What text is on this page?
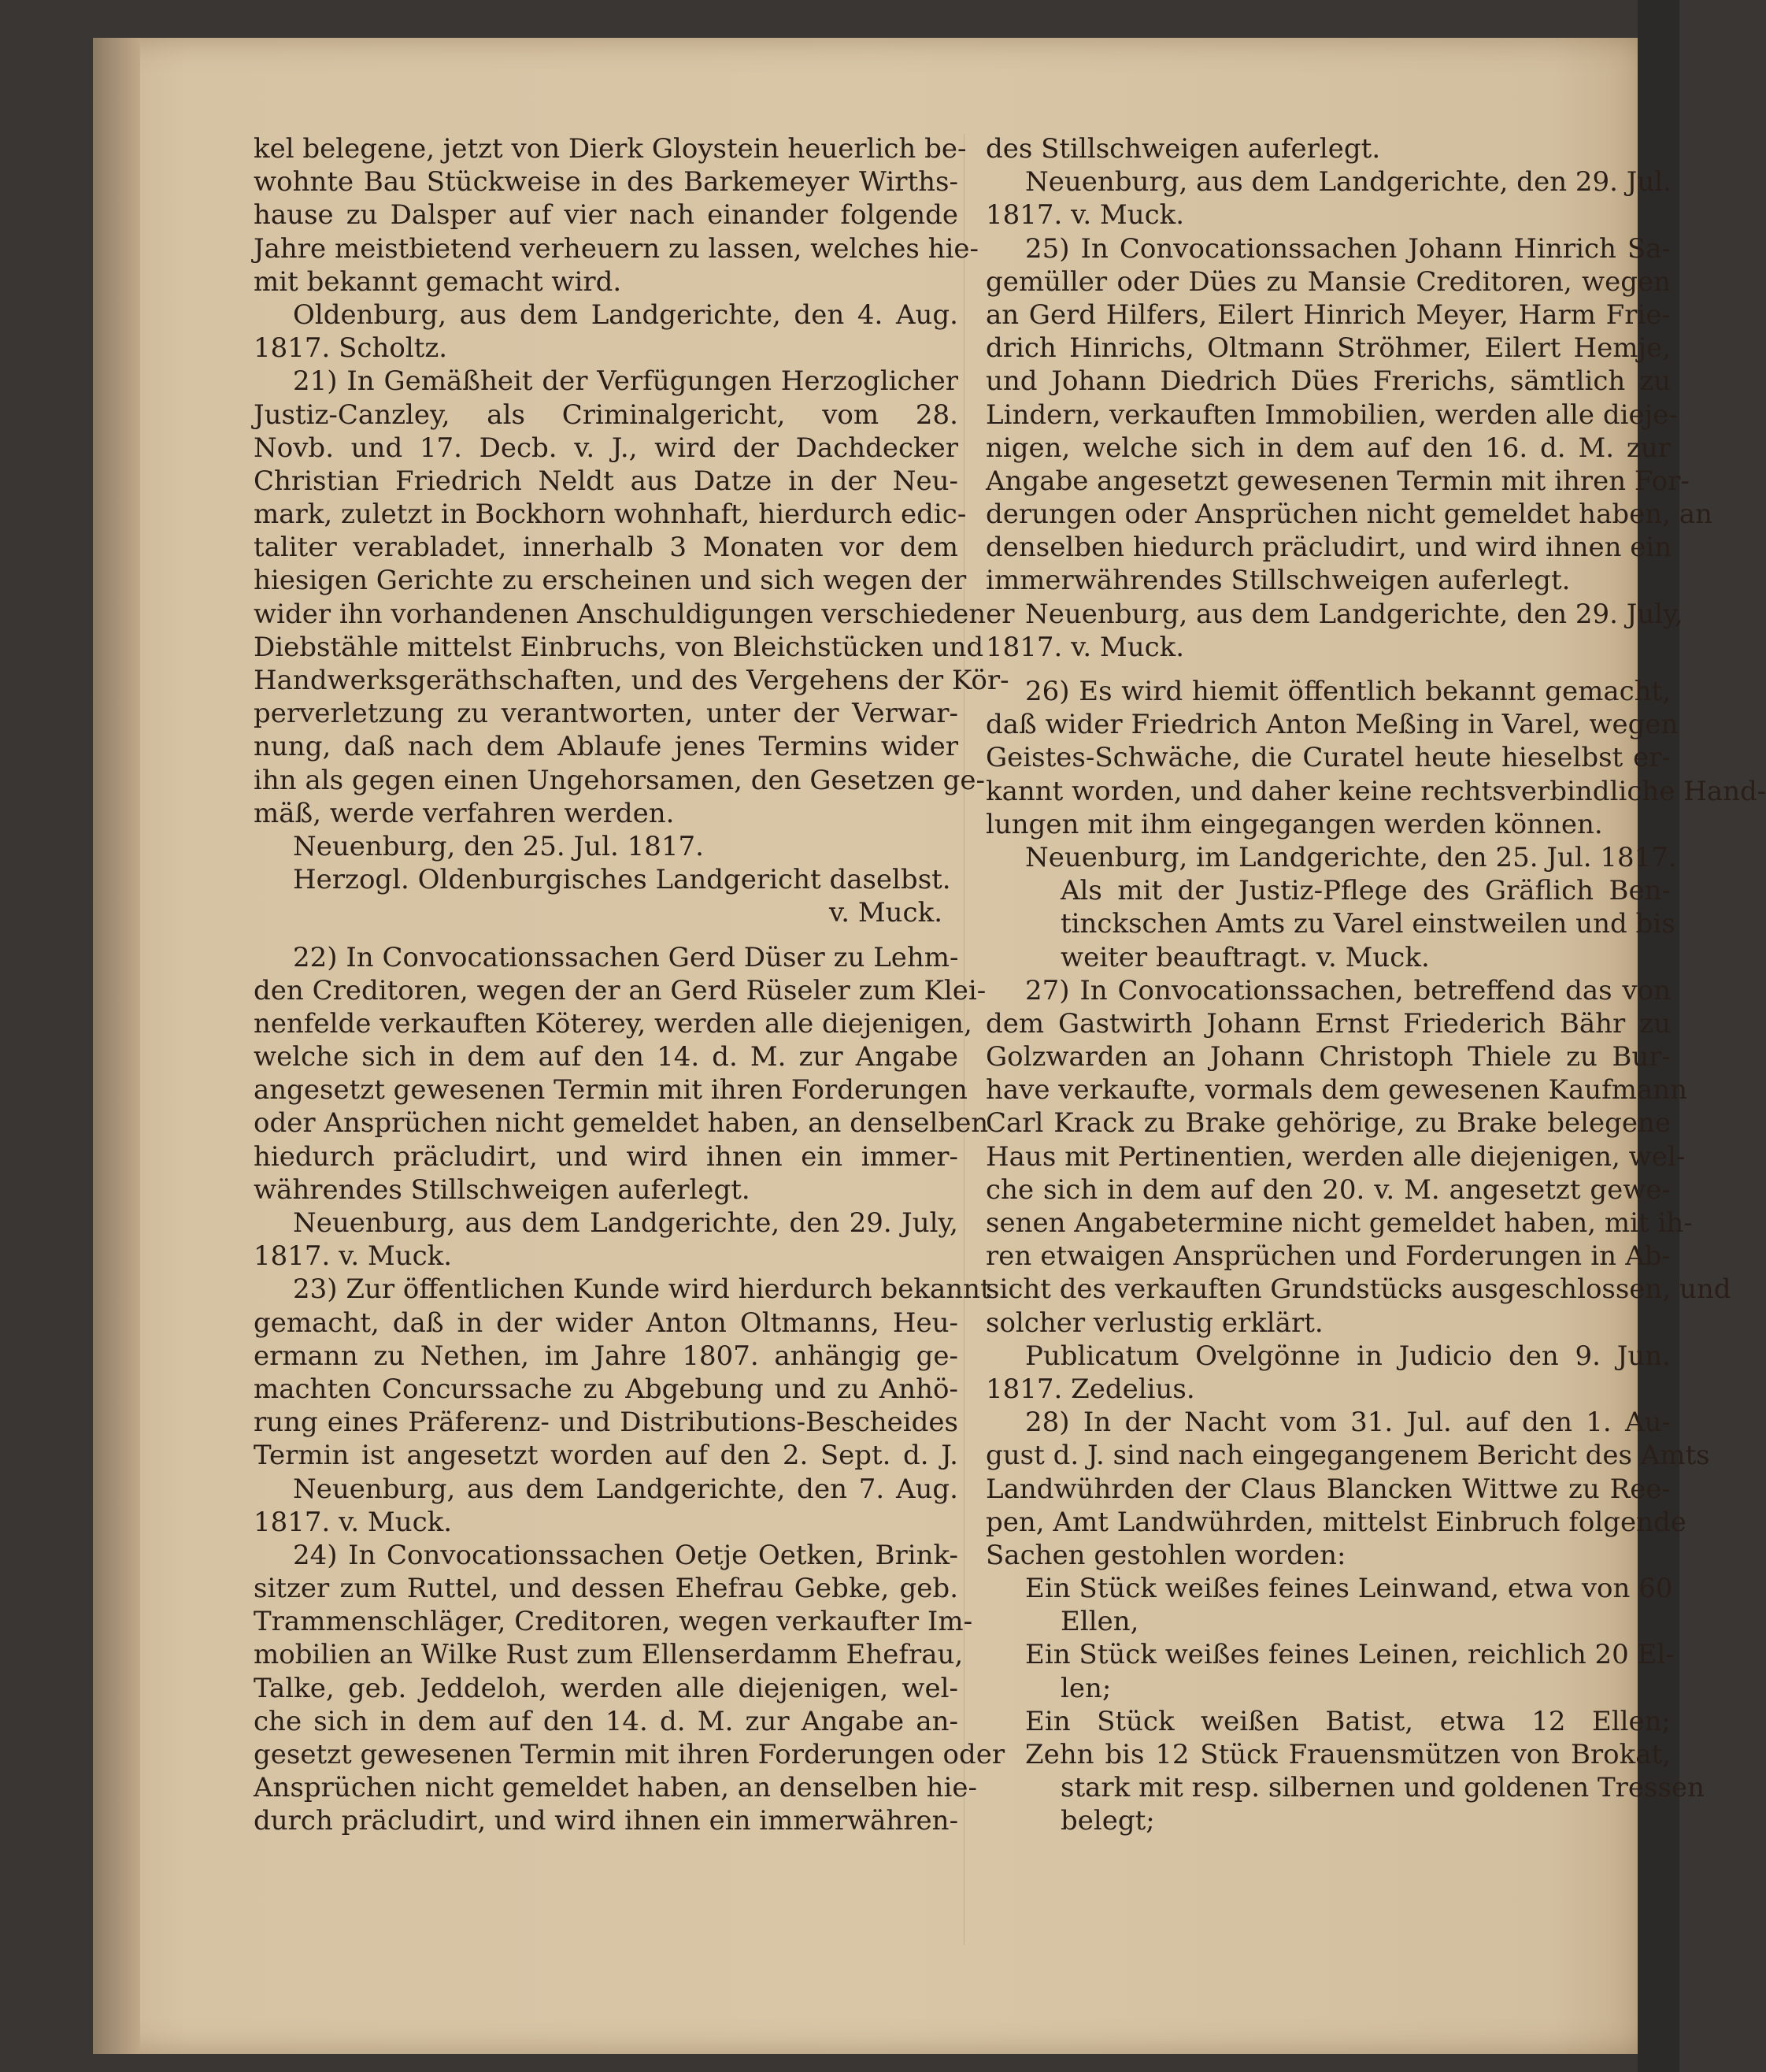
kel belegene, jetzt von Dierk Gloystein heuerlich be-
wohnte Bau Stückweise in des Barkemeyer Wirths-
hause zu Dalsper auf vier nach einander folgende
Jahre meistbietend verheuern zu lassen, welches hie-
mit bekannt gemacht wird.
Oldenburg, aus dem Landgerichte, den 4. Aug.
1817. Scholtz.
21) In Gemäßheit der Verfügungen Herzoglicher
Justiz-Canzley, als Criminalgericht, vom 28.
Novb. und 17. Decb. v. J., wird der Dachdecker
Christian Friedrich Neldt aus Datze in der Neu-
mark, zuletzt in Bockhorn wohnhaft, hierdurch edic-
taliter verabladet, innerhalb 3 Monaten vor dem
hiesigen Gerichte zu erscheinen und sich wegen der
wider ihn vorhandenen Anschuldigungen verschiedener
Diebstähle mittelst Einbruchs, von Bleichstücken und
Handwerksgeräthschaften, und des Vergehens der Kör-
perverletzung zu verantworten, unter der Verwar-
nung, daß nach dem Ablaufe jenes Termins wider
ihn als gegen einen Ungehorsamen, den Gesetzen ge-
mäß, werde verfahren werden.
Neuenburg, den 25. Jul. 1817.
Herzogl. Oldenburgisches Landgericht daselbst.
v. Muck.
22) In Convocationssachen Gerd Düser zu Lehm-
den Creditoren, wegen der an Gerd Rüseler zum Klei-
nenfelde verkauften Köterey, werden alle diejenigen,
welche sich in dem auf den 14. d. M. zur Angabe
angesetzt gewesenen Termin mit ihren Forderungen
oder Ansprüchen nicht gemeldet haben, an denselben
hiedurch präcludirt, und wird ihnen ein immer-
währendes Stillschweigen auferlegt.
Neuenburg, aus dem Landgerichte, den 29. July,
1817. v. Muck.
23) Zur öffentlichen Kunde wird hierdurch bekannt
gemacht, daß in der wider Anton Oltmanns, Heu-
ermann zu Nethen, im Jahre 1807. anhängig ge-
machten Concurssache zu Abgebung und zu Anhö-
rung eines Präferenz- und Distributions-Bescheides
Termin ist angesetzt worden auf den 2. Sept. d. J.
Neuenburg, aus dem Landgerichte, den 7. Aug.
1817. v. Muck.
24) In Convocationssachen Oetje Oetken, Brink-
sitzer zum Ruttel, und dessen Ehefrau Gebke, geb.
Trammenschläger, Creditoren, wegen verkaufter Im-
mobilien an Wilke Rust zum Ellenserdamm Ehefrau,
Talke, geb. Jeddeloh, werden alle diejenigen, wel-
che sich in dem auf den 14. d. M. zur Angabe an-
gesetzt gewesenen Termin mit ihren Forderungen oder
Ansprüchen nicht gemeldet haben, an denselben hie-
durch präcludirt, und wird ihnen ein immerwähren-
des Stillschweigen auferlegt.
Neuenburg, aus dem Landgerichte, den 29. Jul.
1817. v. Muck.
25) In Convocationssachen Johann Hinrich Sa-
gemüller oder Dües zu Mansie Creditoren, wegen
an Gerd Hilfers, Eilert Hinrich Meyer, Harm Frie-
drich Hinrichs, Oltmann Ströhmer, Eilert Hemje,
und Johann Diedrich Dües Frerichs, sämtlich zu
Lindern, verkauften Immobilien, werden alle dieje-
nigen, welche sich in dem auf den 16. d. M. zur
Angabe angesetzt gewesenen Termin mit ihren For-
derungen oder Ansprüchen nicht gemeldet haben, an
denselben hiedurch präcludirt, und wird ihnen ein
immerwährendes Stillschweigen auferlegt.
Neuenburg, aus dem Landgerichte, den 29. July,
1817. v. Muck.
26) Es wird hiemit öffentlich bekannt gemacht,
daß wider Friedrich Anton Meßing in Varel, wegen
Geistes-Schwäche, die Curatel heute hieselbst er-
kannt worden, und daher keine rechtsverbindliche Hand-
lungen mit ihm eingegangen werden können.
Neuenburg, im Landgerichte, den 25. Jul. 1817.
Als mit der Justiz-Pflege des Gräflich Ben-
tinckschen Amts zu Varel einstweilen und bis
weiter beauftragt. v. Muck.
27) In Convocationssachen, betreffend das von
dem Gastwirth Johann Ernst Friederich Bähr zu
Golzwarden an Johann Christoph Thiele zu Bur-
have verkaufte, vormals dem gewesenen Kaufmann
Carl Krack zu Brake gehörige, zu Brake belegene
Haus mit Pertinentien, werden alle diejenigen, wel-
che sich in dem auf den 20. v. M. angesetzt gewe-
senen Angabetermine nicht gemeldet haben, mit ih-
ren etwaigen Ansprüchen und Forderungen in Ab-
sicht des verkauften Grundstücks ausgeschlossen, und
solcher verlustig erklärt.
Publicatum Ovelgönne in Judicio den 9. Jun.
1817. Zedelius.
28) In der Nacht vom 31. Jul. auf den 1. Au-
gust d. J. sind nach eingegangenem Bericht des Amts
Landwührden der Claus Blancken Wittwe zu Ree-
pen, Amt Landwührden, mittelst Einbruch folgende
Sachen gestohlen worden:
Ein Stück weißes feines Leinwand, etwa von 60
Ellen,
Ein Stück weißes feines Leinen, reichlich 20 El-
len;
Ein Stück weißen Batist, etwa 12 Ellen;
Zehn bis 12 Stück Frauensmützen von Brokat,
stark mit resp. silbernen und goldenen Tressen
belegt;
